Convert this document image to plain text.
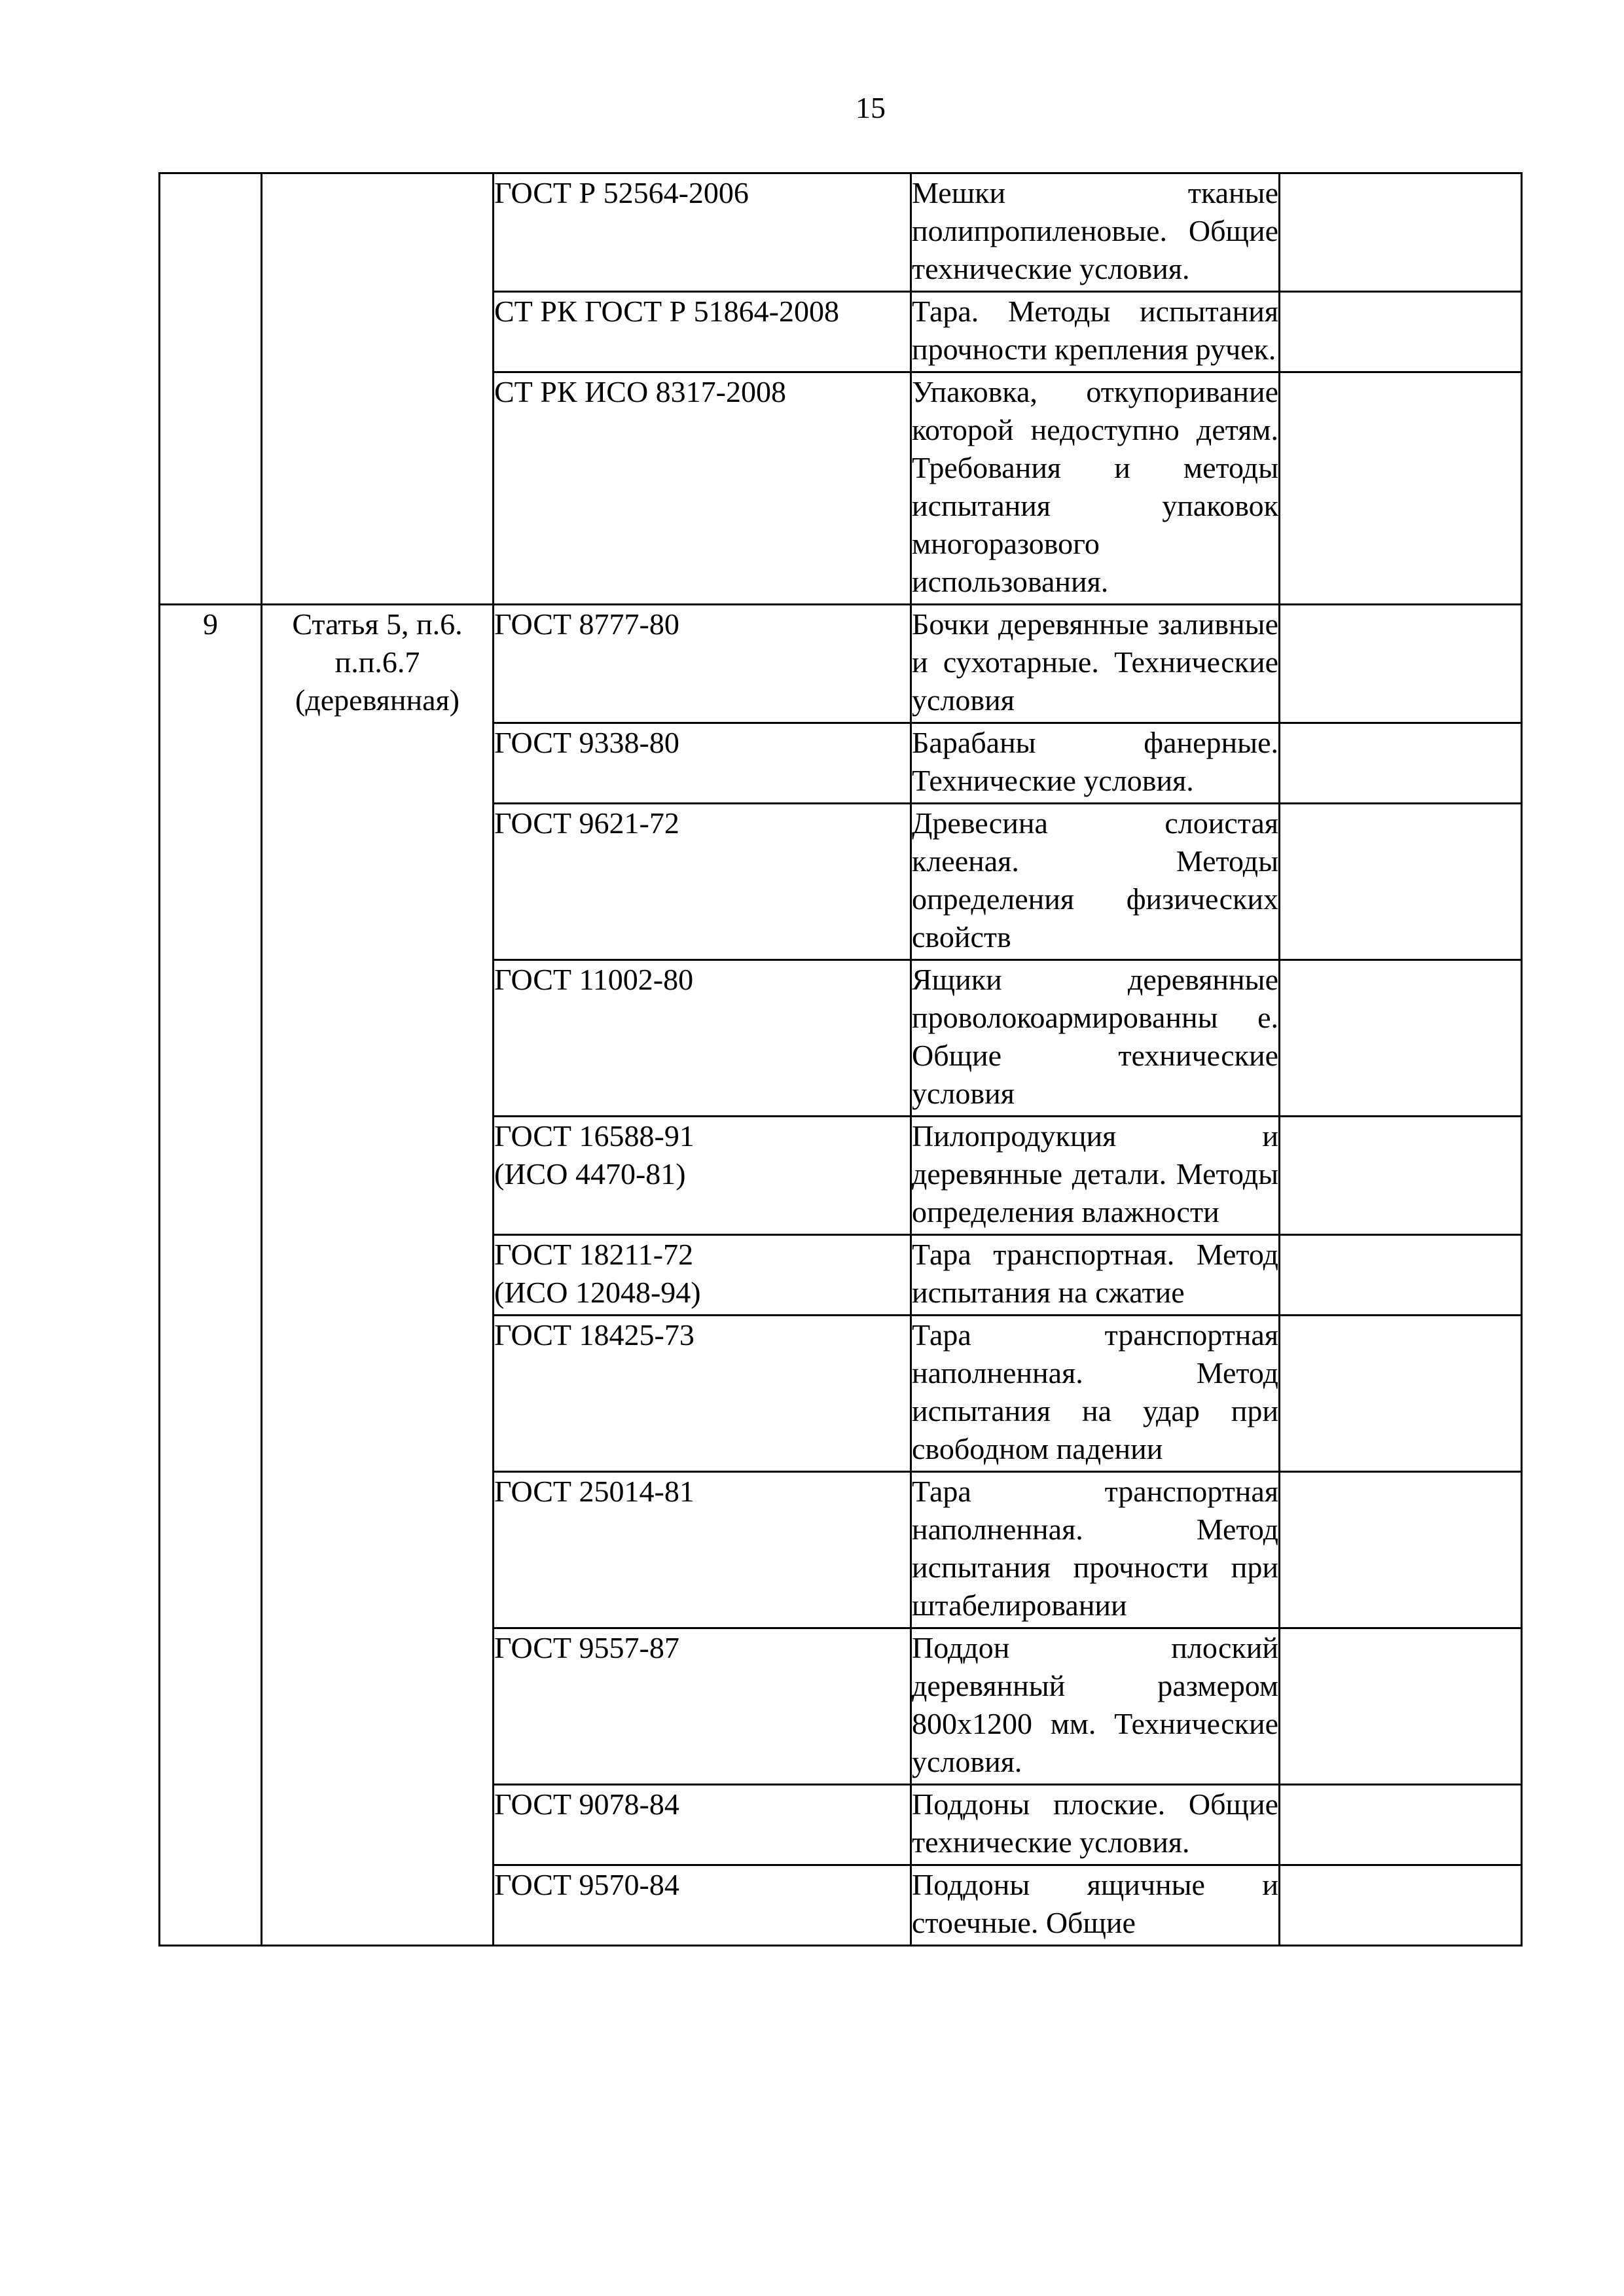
15

		ГОСТ Р 52564-2006	Мешки тканые полипропиленовые. Общие технические условия.	

		СТ РК ГОСТ Р 51864-2008	Тара. Методы испытания прочности крепления ручек.	

		СТ РК ИСО 8317-2008	Упаковка, откупоривание которой недоступно детям. Требования и методы испытания упаковок многоразового использования.	

9	Статья 5, п.6.
п.п.6.7
(деревянная)	ГОСТ 8777-80	Бочки деревянные заливные и сухотарные. Технические условия	

		ГОСТ 9338-80	Барабаны фанерные. Технические условия.	

		ГОСТ 9621-72	Древесина слоистая клееная. Методы определения физических свойств	

		ГОСТ 11002-80	Ящики деревянные проволокоармированны е. Общие технические условия	

		ГОСТ 16588-91
(ИСО 4470-81)	Пилопродукция и деревянные детали. Методы определения влажности	

		ГОСТ 18211-72
(ИСО 12048-94)	Тара транспортная. Метод испытания на сжатие	

		ГОСТ 18425-73	Тара транспортная наполненная. Метод испытания на удар при свободном падении	

		ГОСТ 25014-81	Тара транспортная наполненная. Метод испытания прочности при штабелировании	

		ГОСТ 9557-87	Поддон плоский деревянный размером 800х1200 мм. Технические условия.	

		ГОСТ 9078-84	Поддоны плоские. Общие технические условия.	

		ГОСТ 9570-84	Поддоны ящичные и стоечные. Общие	
